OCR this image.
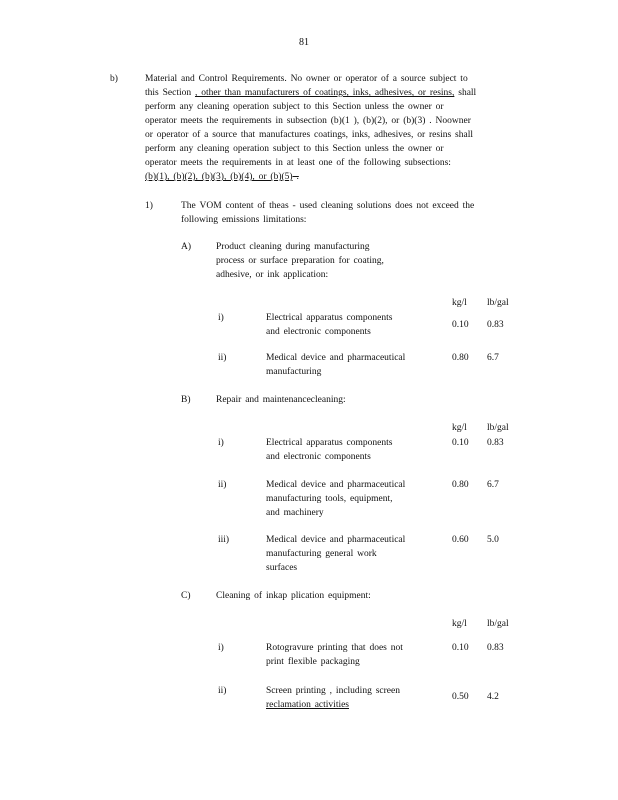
81
b)	Material and Control Requirements. No owner or operator of a source subject to
this Section , other than manufacturers of coatings, inks, adhesives, or resins, shall
perform any cleaning operation subject to this Section unless the owner or
operator meets the requirements in subsection (b)(1 ), (b)(2), or (b)(3) . Noowner
or operator of a source that manufactures coatings, inks, adhesives, or resins shall
perform any cleaning operation subject to this Section unless the owner or
operator meets the requirements in at least one of the following subsections:
(b)(1), (b)(2), (b)(3), (b)(4), or (b)(5) .
1)	The VOM content of theas - used cleaning solutions does not exceed the
following emissions limitations:
A)	Product cleaning during manufacturing
process or surface preparation for coating,
adhesive, or ink application:
kg/l lb/gal
i)	Electrical apparatus components
and electronic components
0.10 0.83
ii)	Medical device and pharmaceutical
manufacturing
0.80 6.7
B)	Repair and maintenancecleaning:
kg/l lb/gal
i)	Electrical apparatus components
and electronic components
0.10 0.83
ii)	Medical device and pharmaceutical
manufacturing tools, equipment,
and machinery
0.80 6.7
iii)	Medical device and pharmaceutical
manufacturing general work
surfaces
0.60 5.0
C)	Cleaning of inkap plication equipment:
kg/l lb/gal
i)	Rotogravure printing that does not
print flexible packaging
0.10 0.83
ii)	Screen printing , including screen
reclamation activities
0.50 4.2
